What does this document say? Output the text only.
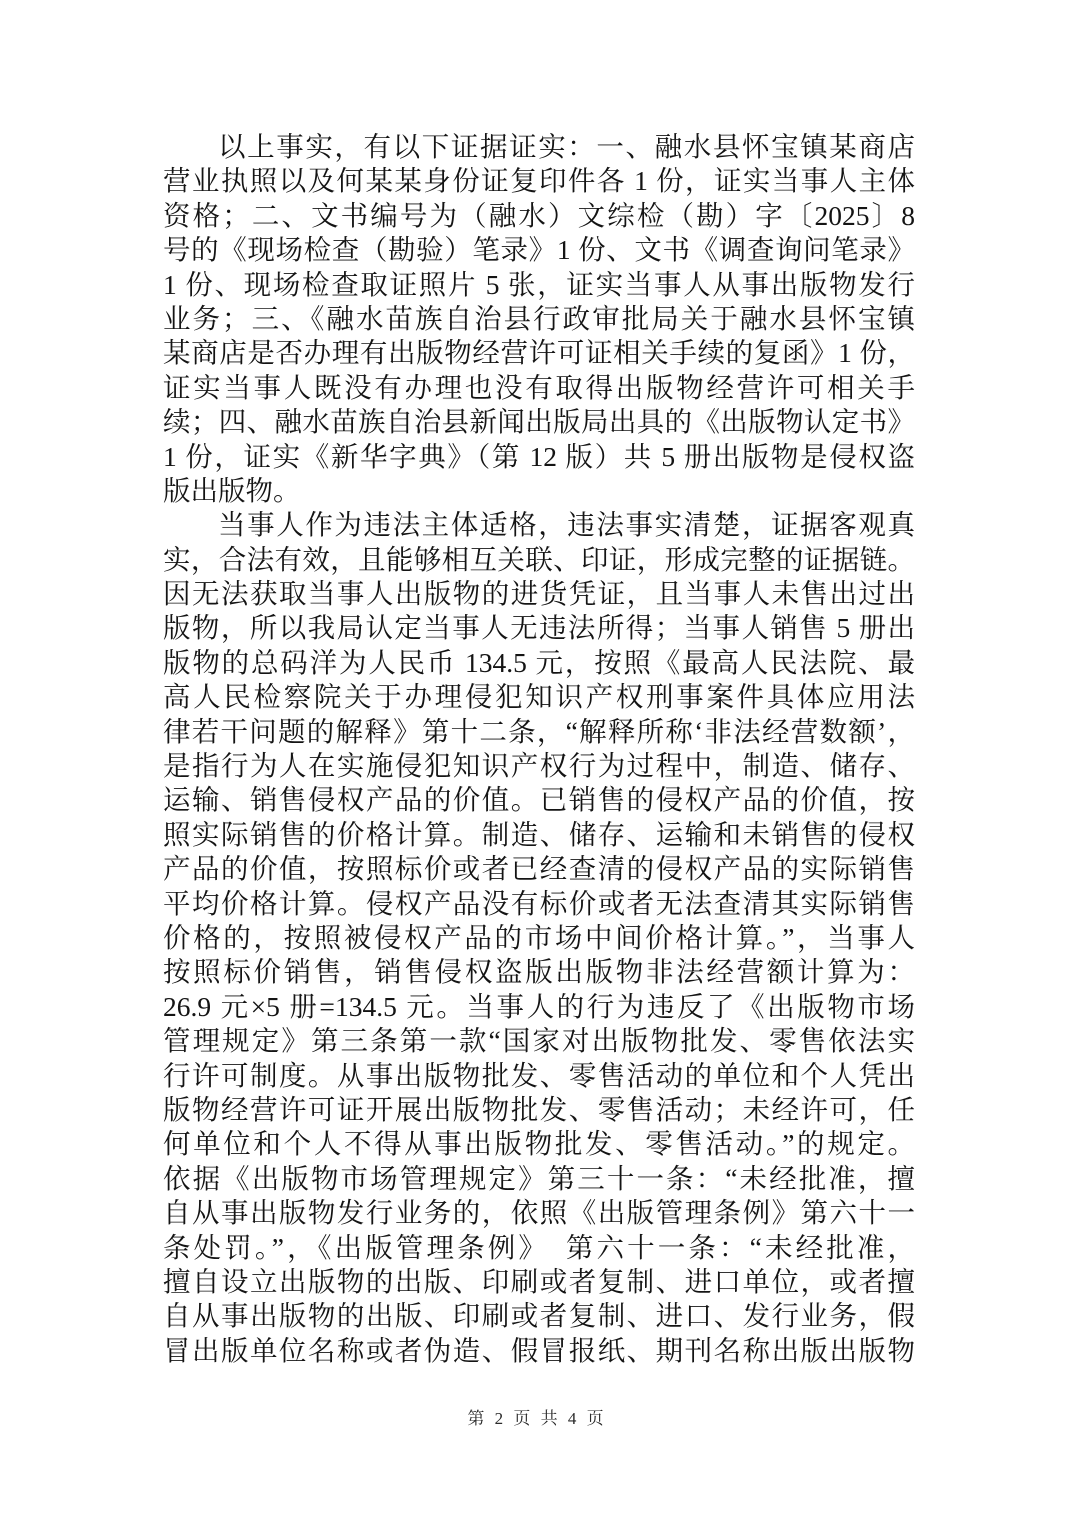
以上事实，有以下证据证实：一、融水县怀宝镇某商店
营业执照以及何某某身份证复印件各 1 份，证实当事人主体
资格；二、文书编号为（融水）文综检（勘）字〔2025〕8
号的《现场检查（勘验）笔录》1 份、文书《调查询问笔录》
1 份、现场检查取证照片 5 张，证实当事人从事出版物发行
业务；三、《融水苗族自治县行政审批局关于融水县怀宝镇
某商店是否办理有出版物经营许可证相关手续的复函》1 份，
证实当事人既没有办理也没有取得出版物经营许可相关手
续；四、融水苗族自治县新闻出版局出具的《出版物认定书》
1 份，证实《新华字典》（第 12 版）共 5 册出版物是侵权盗
版出版物。
当事人作为违法主体适格，违法事实清楚，证据客观真
实，合法有效，且能够相互关联、印证，形成完整的证据链。
因无法获取当事人出版物的进货凭证，且当事人未售出过出
版物，所以我局认定当事人无违法所得；当事人销售 5 册出
版物的总码洋为人民币 134.5 元，按照《最高人民法院、最
高人民检察院关于办理侵犯知识产权刑事案件具体应用法
律若干问题的解释》第十二条，“解释所称‘非法经营数额’，
是指行为人在实施侵犯知识产权行为过程中，制造、储存、
运输、销售侵权产品的价值。已销售的侵权产品的价值，按
照实际销售的价格计算。制造、储存、运输和未销售的侵权
产品的价值，按照标价或者已经查清的侵权产品的实际销售
平均价格计算。侵权产品没有标价或者无法查清其实际销售
价格的，按照被侵权产品的市场中间价格计算。”，当事人
按照标价销售，销售侵权盗版出版物非法经营额计算为：
26.9 元×5 册=134.5 元。当事人的行为违反了《出版物市场
管理规定》第三条第一款“国家对出版物批发、零售依法实
行许可制度。从事出版物批发、零售活动的单位和个人凭出
版物经营许可证开展出版物批发、零售活动；未经许可，任
何单位和个人不得从事出版物批发、零售活动。”的规定。
依据《出版物市场管理规定》第三十一条：“未经批准，擅
自从事出版物发行业务的，依照《出版管理条例》第六十一
条处罚。”，《出版管理条例》　第六十一条：“未经批准，
擅自设立出版物的出版、印刷或者复制、进口单位，或者擅
自从事出版物的出版、印刷或者复制、进口、发行业务，假
冒出版单位名称或者伪造、假冒报纸、期刊名称出版出版物
第 2 页 共 4 页
